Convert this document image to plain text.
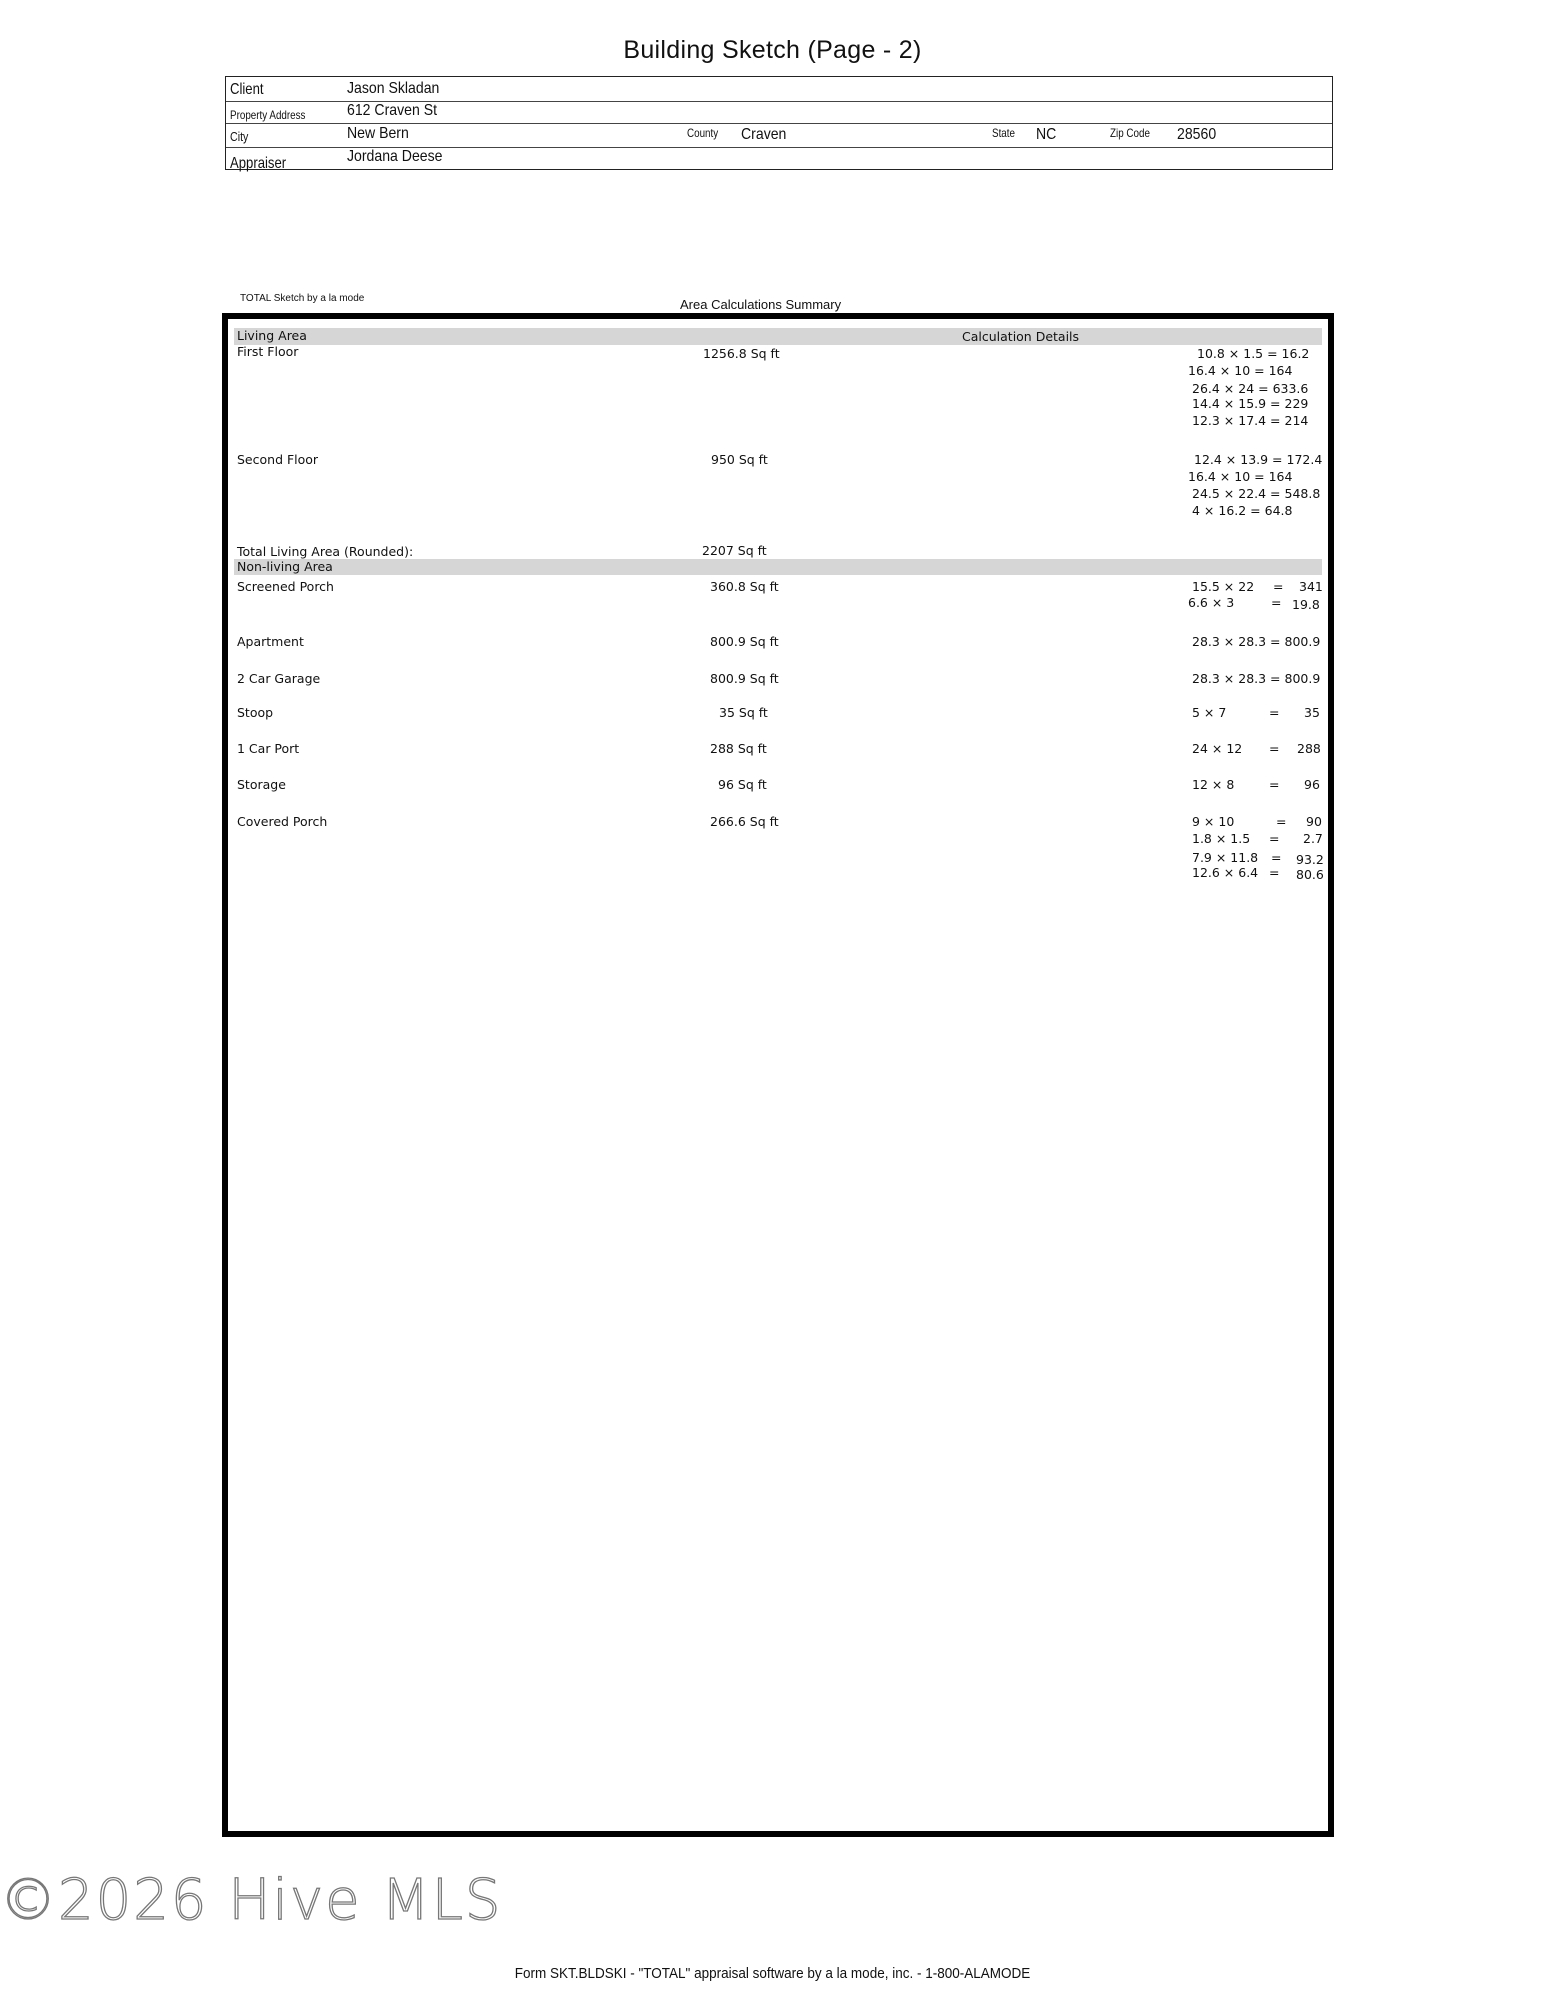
Building Sketch (Page - 2)
Client	Jason Skladan
Property Address	612 Craven St
City	New Bern	County Craven	State NC	Zip Code 28560
Appraiser	Jordana Deese
TOTAL Sketch by a la mode	Area Calculations Summary
Living Area	Calculation Details
First Floor	1256.8 Sq ft	10.8 × 1.5 = 16.2
16.4 × 10 = 164
26.4 × 24 = 633.6
14.4 × 15.9 = 229
12.3 × 17.4 = 214
Second Floor	950 Sq ft	12.4 × 13.9 = 172.4
16.4 × 10 = 164
24.5 × 22.4 = 548.8
4 × 16.2 = 64.8
Total Living Area (Rounded):	2207 Sq ft
Non-living Area
Screened Porch	360.8 Sq ft	15.5 × 22 = 341
6.6 × 3	= 19.8
Apartment	800.9 Sq ft	28.3 × 28.3 = 800.9
2 Car Garage	800.9 Sq ft	28.3 × 28.3 = 800.9
Stoop	35 Sq ft	5 × 7	= 35
1 Car Port	288 Sq ft	24 × 12 = 288
Storage	96 Sq ft	12 × 8	= 96
Covered Porch	266.6 Sq ft	9 × 10	= 90
1.8 × 1.5 = 2.7
7.9 × 11.8 = 93.2
12.6 × 6.4 = 80.6
©2026 Hive MLS
Form SKT.BLDSKI - "TOTAL" appraisal software by a la mode, inc. - 1-800-ALAMODE
